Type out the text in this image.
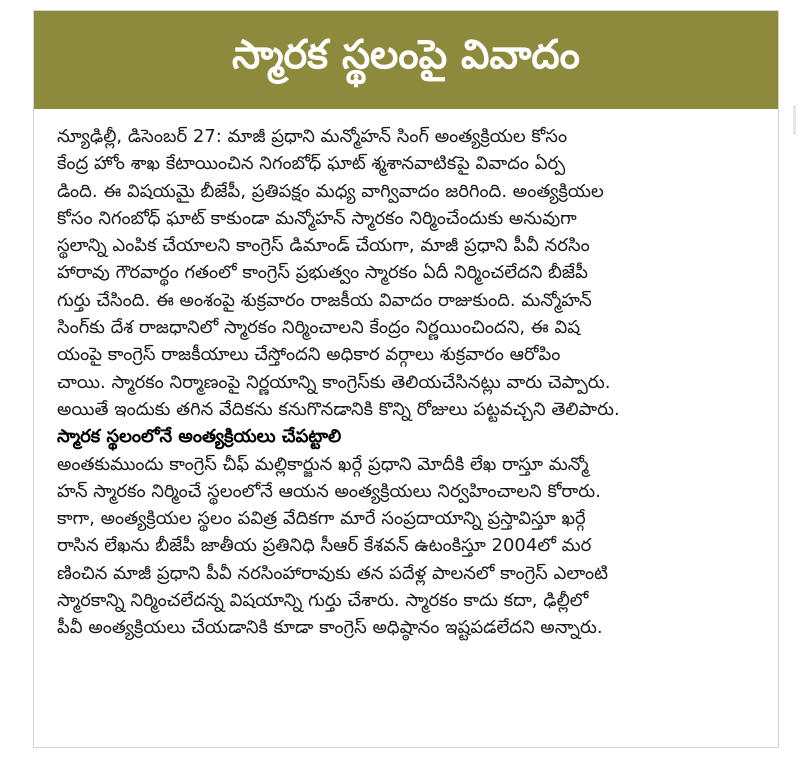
స్మారక స్థలంపై వివాదం
న్యూఢిల్లీ, డిసెంబర్ 27: మాజీ ప్రధాని మన్మోహన్ సింగ్ అంత్యక్రియల కోసం
కేంద్ర హోం శాఖ కేటాయించిన నిగంబోధ్ ఘాట్ శ్మశానవాటికపై వివాదం ఏర్ప
డింది. ఈ విషయమై బీజేపీ, ప్రతిపక్షం మధ్య వాగ్వివాదం జరిగింది. అంత్యక్రియల
కోసం నిగంబోధ్ ఘాట్ కాకుండా మన్మోహన్ స్మారకం నిర్మించేందుకు అనువుగా
స్థలాన్ని ఎంపిక చేయాలని కాంగ్రెస్ డిమాండ్ చేయగా, మాజీ ప్రధాని పీవీ నరసిం
హారావు గౌరవార్థం గతంలో కాంగ్రెస్ ప్రభుత్వం స్మారకం ఏదీ నిర్మించలేదని బీజేపీ
గుర్తు చేసింది. ఈ అంశంపై శుక్రవారం రాజకీయ వివాదం రాజుకుంది. మన్మోహన్
సింగ్‌కు దేశ రాజధానిలో స్మారకం నిర్మించాలని కేంద్రం నిర్ణయించిందని, ఈ విష
యంపై కాంగ్రెస్ రాజకీయాలు చేస్తోందని అధికార వర్గాలు శుక్రవారం ఆరోపిం
చాయి. స్మారకం నిర్మాణంపై నిర్ణయాన్ని కాంగ్రెస్‌కు తెలియచేసినట్లు వారు చెప్పారు.
అయితే ఇందుకు తగిన వేదికను కనుగొనడానికి కొన్ని రోజులు పట్టవచ్చని తెలిపారు.
స్మారక స్థలంలోనే అంత్యక్రియలు చేపట్టాలి
అంతకుముందు కాంగ్రెస్ చీఫ్ మల్లికార్జున ఖర్గే ప్రధాని మోదీకి లేఖ రాస్తూ మన్మో
హన్ స్మారకం నిర్మించే స్థలంలోనే ఆయన అంత్యక్రియలు నిర్వహించాలని కోరారు.
కాగా, అంత్యక్రియల స్థలం పవిత్ర వేదికగా మారే సంప్రదాయాన్ని ప్రస్తావిస్తూ ఖర్గే
రాసిన లేఖను బీజేపీ జాతీయ ప్రతినిధి సీఆర్ కేశవన్ ఉటంకిస్తూ 2004లో మర
ణించిన మాజీ ప్రధాని పీవీ నరసింహారావుకు తన పదేళ్ల పాలనలో కాంగ్రెస్ ఎలాంటి
స్మారకాన్ని నిర్మించలేదన్న విషయాన్ని గుర్తు చేశారు. స్మారకం కాదు కదా, ఢిల్లీలో
పీవీ అంత్యక్రియలు చేయడానికి కూడా కాంగ్రెస్ అధిష్ఠానం ఇష్టపడలేదని అన్నారు.
